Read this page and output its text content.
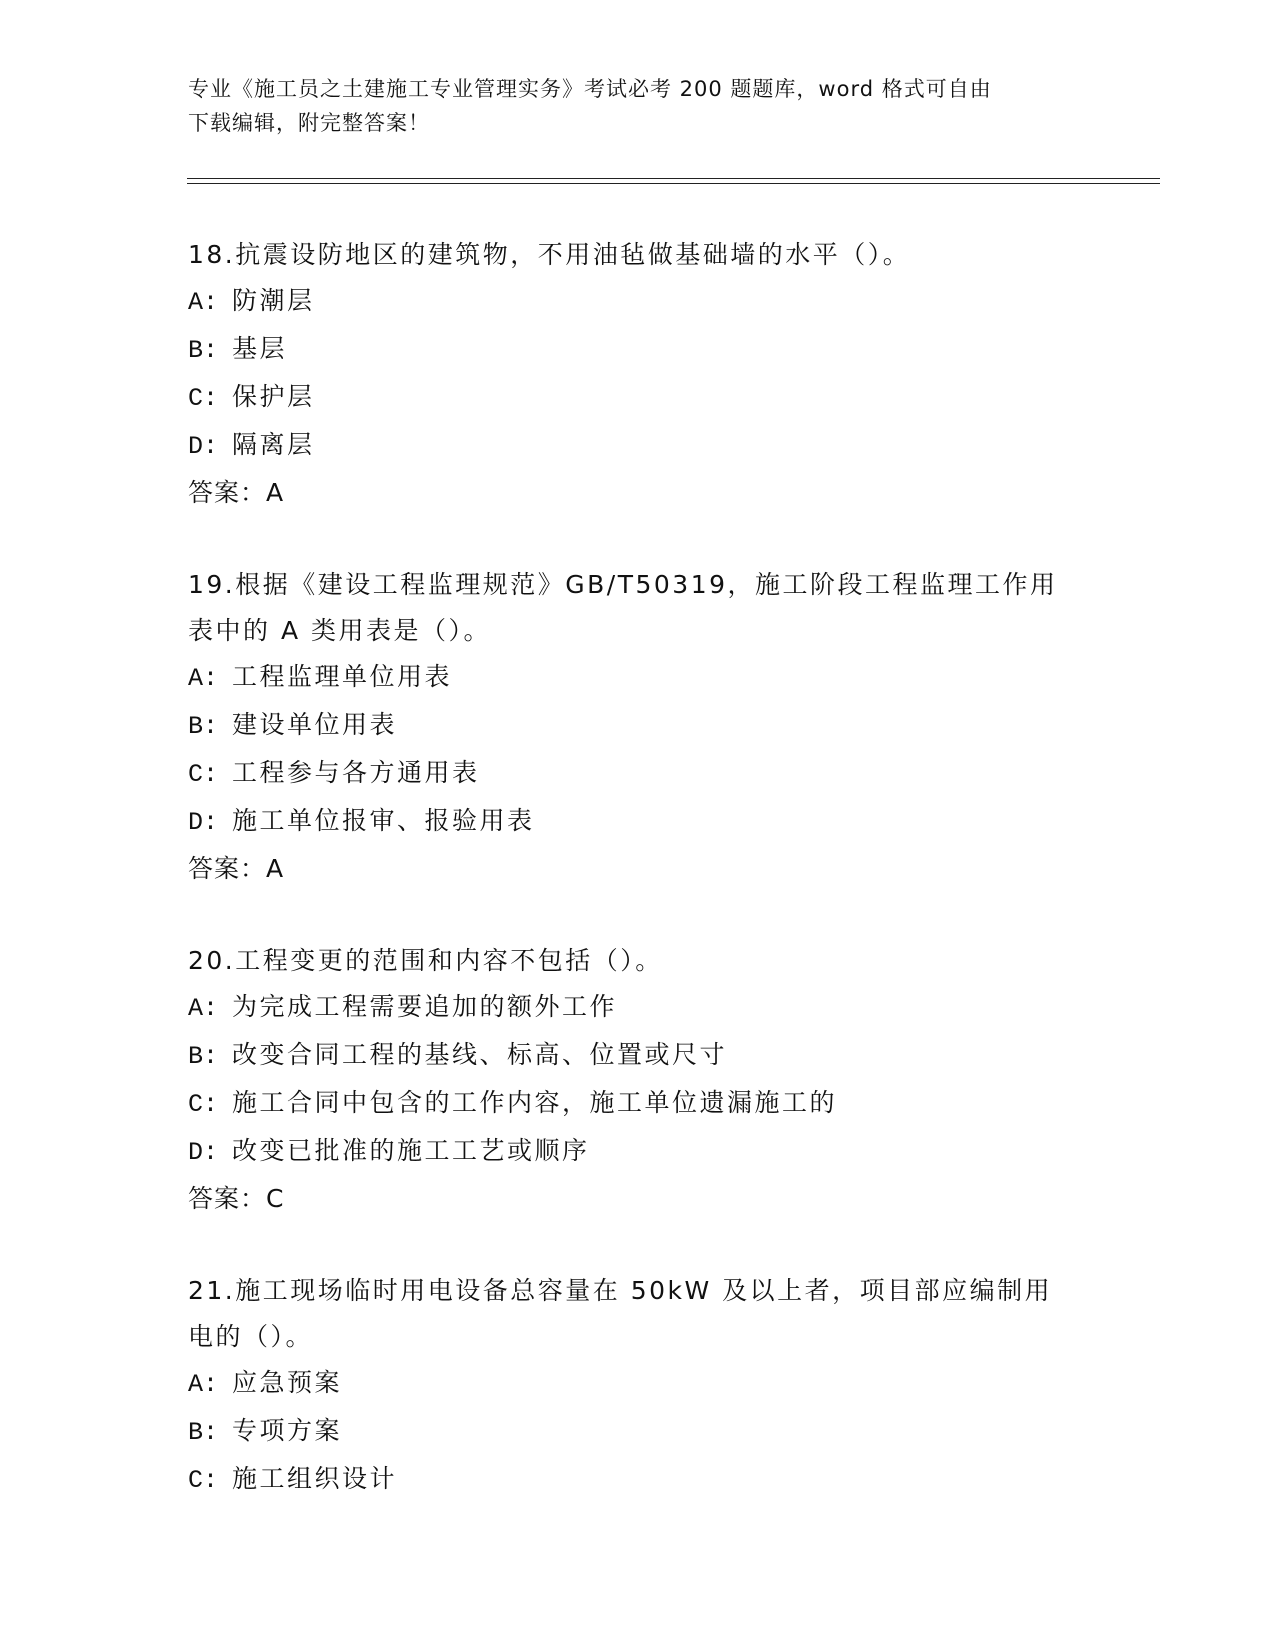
专业《施工员之土建施工专业管理实务》考试必考 200 题题库，word 格式可自由
下载编辑，附完整答案！
18.抗震设防地区的建筑物，不用油毡做基础墙的水平（）。
A: 防潮层
B: 基层
C: 保护层
D: 隔离层
答案：A
19.根据《建设工程监理规范》GB/T50319，施工阶段工程监理工作用
表中的 A 类用表是（）。
A: 工程监理单位用表
B: 建设单位用表
C: 工程参与各方通用表
D: 施工单位报审、报验用表
答案：A
20.工程变更的范围和内容不包括（）。
A: 为完成工程需要追加的额外工作
B: 改变合同工程的基线、标高、位置或尺寸
C: 施工合同中包含的工作内容，施工单位遗漏施工的
D: 改变已批准的施工工艺或顺序
答案：C
21.施工现场临时用电设备总容量在 50kW 及以上者，项目部应编制用
电的（）。
A: 应急预案
B: 专项方案
C: 施工组织设计
